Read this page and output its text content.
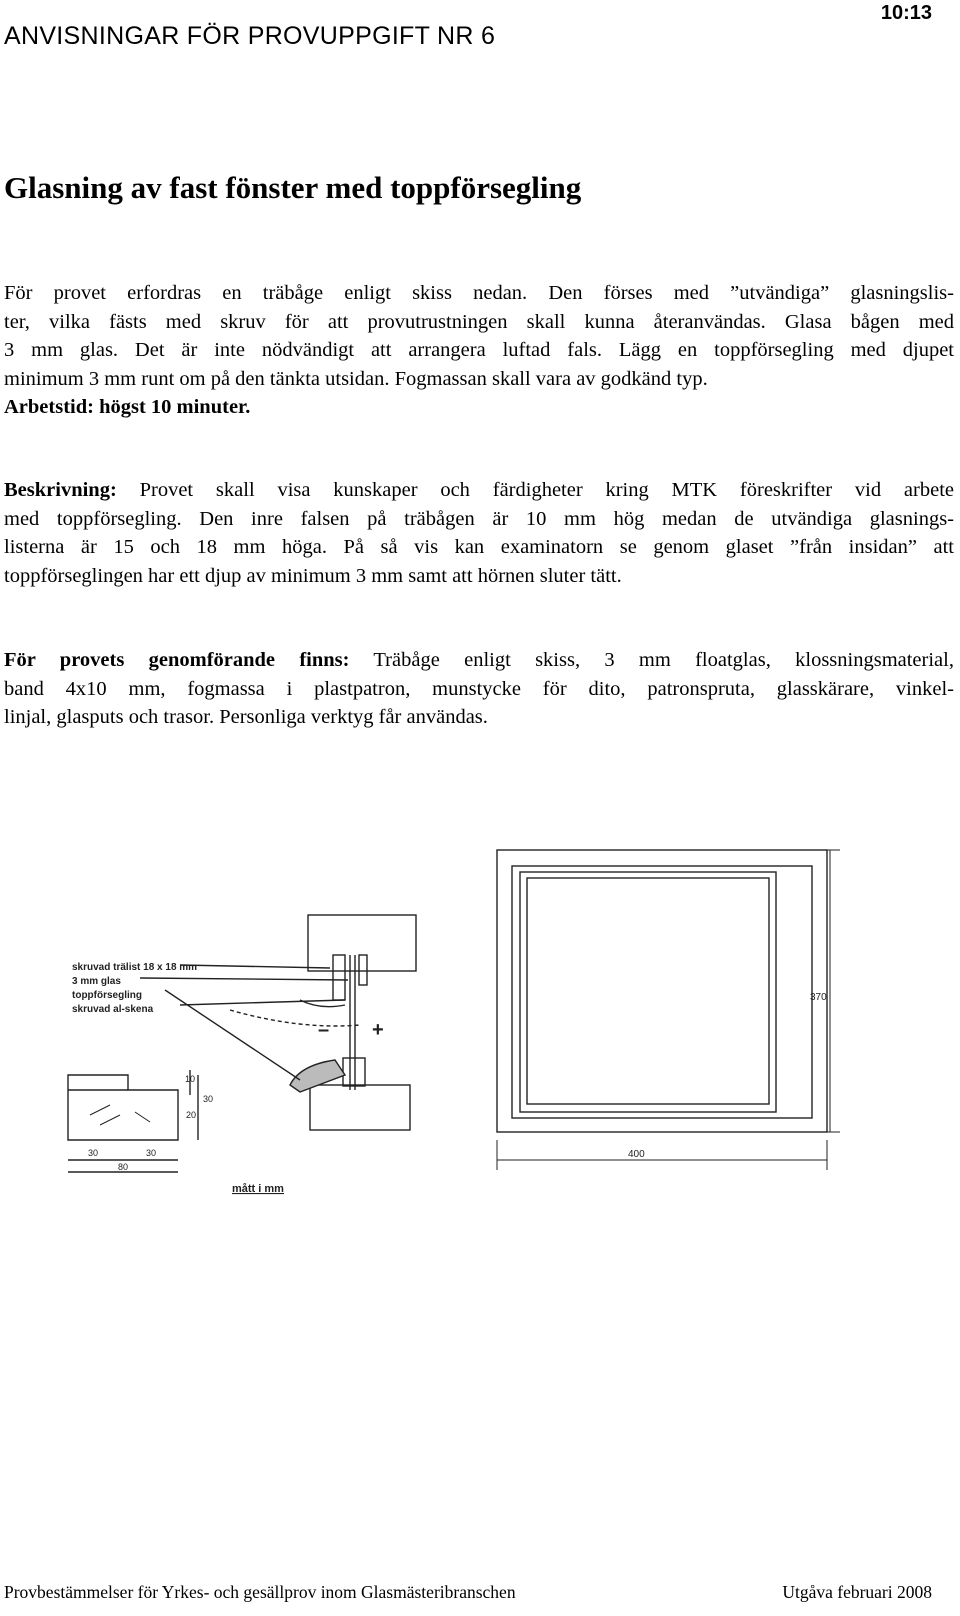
ANVISNINGAR FÖR PROVUPPGIFT NR 6
10:13
Glasning av fast fönster med toppförsegling
För provet erfordras en träbåge enligt skiss nedan. Den förses med ”utvändiga” glasningslis-
ter, vilka fästs med skruv för att provutrustningen skall kunna återanvändas. Glasa bågen med
3 mm glas. Det är inte nödvändigt att arrangera luftad fals. Lägg en toppförsegling med djupet
minimum 3 mm runt om på den tänkta utsidan. Fogmassan skall vara av godkänd typ.
Arbetstid: högst 10 minuter.
Beskrivning: Provet skall visa kunskaper och färdigheter kring MTK föreskrifter vid arbete
med toppförsegling. Den inre falsen på träbågen är 10 mm hög medan de utvändiga glasnings-
listerna är 15 och 18 mm höga. På så vis kan examinatorn se genom glaset ”från insidan” att
toppförseglingen har ett djup av minimum 3 mm samt att hörnen sluter tätt.
För provets genomförande finns: Träbåge enligt skiss, 3 mm floatglas, klossningsmaterial,
band 4x10 mm, fogmassa i plastpatron, munstycke för dito, patronspruta, glasskärare, vinkel-
linjal, glasputs och trasor. Personliga verktyg får användas.
skruvad trälist 18 x 18 mm
3 mm glas
toppförsegling
skruvad al-skena
– +
10
30
20
30	30
80
mått i mm
370
400
Provbestämmelser för Yrkes- och gesällprov inom Glasmästeribranschen	Utgåva februari 2008
